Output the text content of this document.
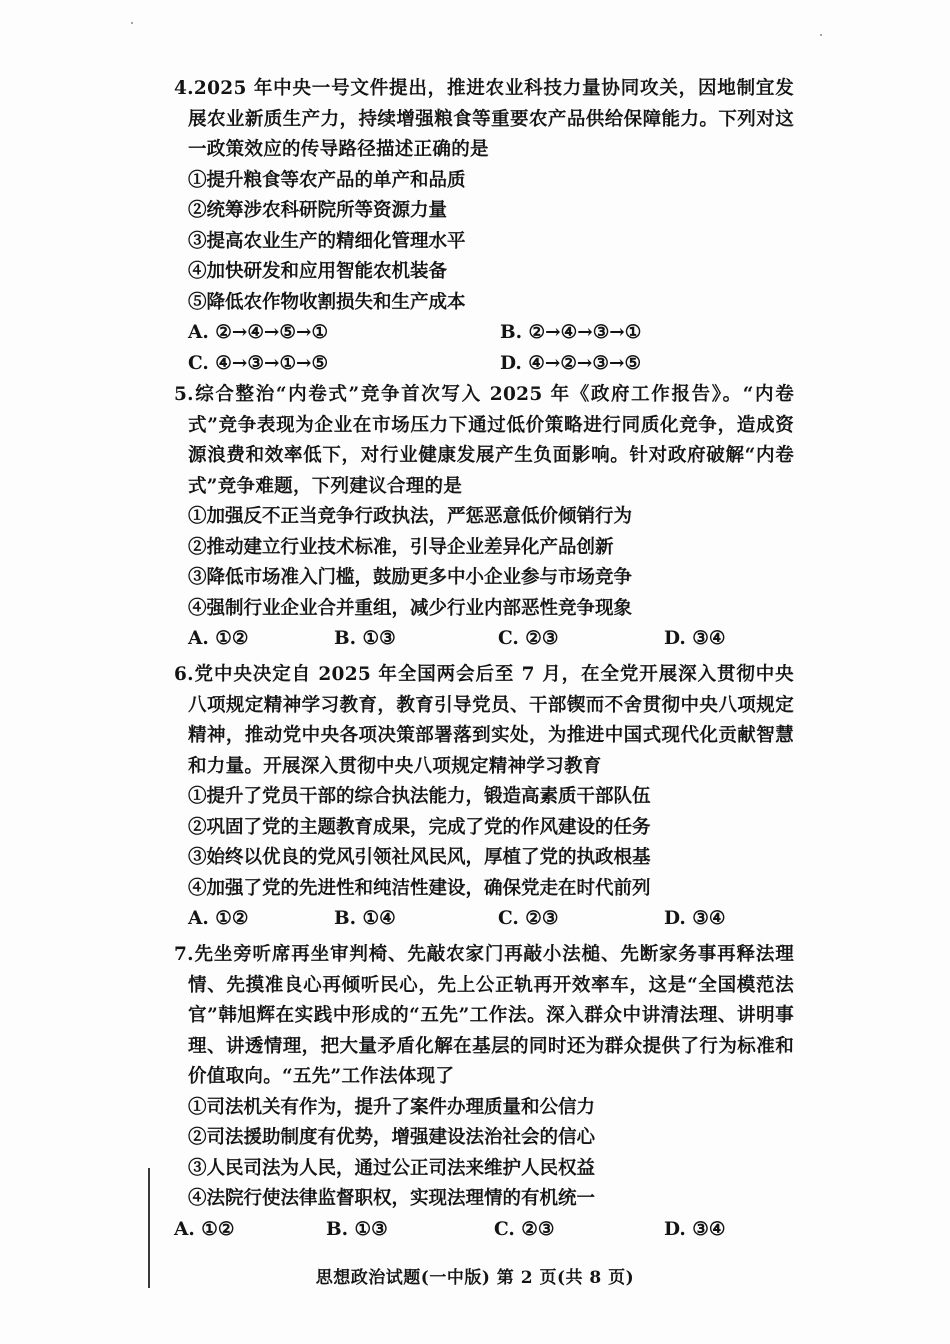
4.2025 年中央一号文件提出，推进农业科技力量协同攻关，因地制宜发展农业新质生产力，持续增强粮食等重要农产品供给保障能力。下列对这一政策效应的传导路径描述正确的是
①提升粮食等农产品的单产和品质
②统筹涉农科研院所等资源力量
③提高农业生产的精细化管理水平
④加快研发和应用智能农机装备
⑤降低农作物收割损失和生产成本
A. ②→④→⑤→①	B. ②→④→③→①
C. ④→③→①→⑤	D. ④→②→③→⑤
5.综合整治“内卷式”竞争首次写入 2025 年《政府工作报告》。“内卷式”竞争表现为企业在市场压力下通过低价策略进行同质化竞争，造成资源浪费和效率低下，对行业健康发展产生负面影响。针对政府破解“内卷式”竞争难题，下列建议合理的是
①加强反不正当竞争行政执法，严惩恶意低价倾销行为
②推动建立行业技术标准，引导企业差异化产品创新
③降低市场准入门槛，鼓励更多中小企业参与市场竞争
④强制行业企业合并重组，减少行业内部恶性竞争现象
A. ①②	B. ①③	C. ②③	D. ③④
6.党中央决定自 2025 年全国两会后至 7 月，在全党开展深入贯彻中央八项规定精神学习教育，教育引导党员、干部锲而不舍贯彻中央八项规定精神，推动党中央各项决策部署落到实处，为推进中国式现代化贡献智慧和力量。开展深入贯彻中央八项规定精神学习教育
①提升了党员干部的综合执法能力，锻造高素质干部队伍
②巩固了党的主题教育成果，完成了党的作风建设的任务
③始终以优良的党风引领社风民风，厚植了党的执政根基
④加强了党的先进性和纯洁性建设，确保党走在时代前列
A. ①②	B. ①④	C. ②③	D. ③④
7.先坐旁听席再坐审判椅、先敲农家门再敲小法槌、先断家务事再释法理情、先摸准良心再倾听民心，先上公正轨再开效率车，这是“全国模范法官”韩旭辉在实践中形成的“五先”工作法。深入群众中讲清法理、讲明事理、讲透情理，把大量矛盾化解在基层的同时还为群众提供了行为标准和价值取向。“五先”工作法体现了
①司法机关有作为，提升了案件办理质量和公信力
②司法援助制度有优势，增强建设法治社会的信心
③人民司法为人民，通过公正司法来维护人民权益
④法院行使法律监督职权，实现法理情的有机统一
A. ①②	B. ①③	C. ②③	D. ③④
思想政治试题(一中版) 第 2 页(共 8 页)
